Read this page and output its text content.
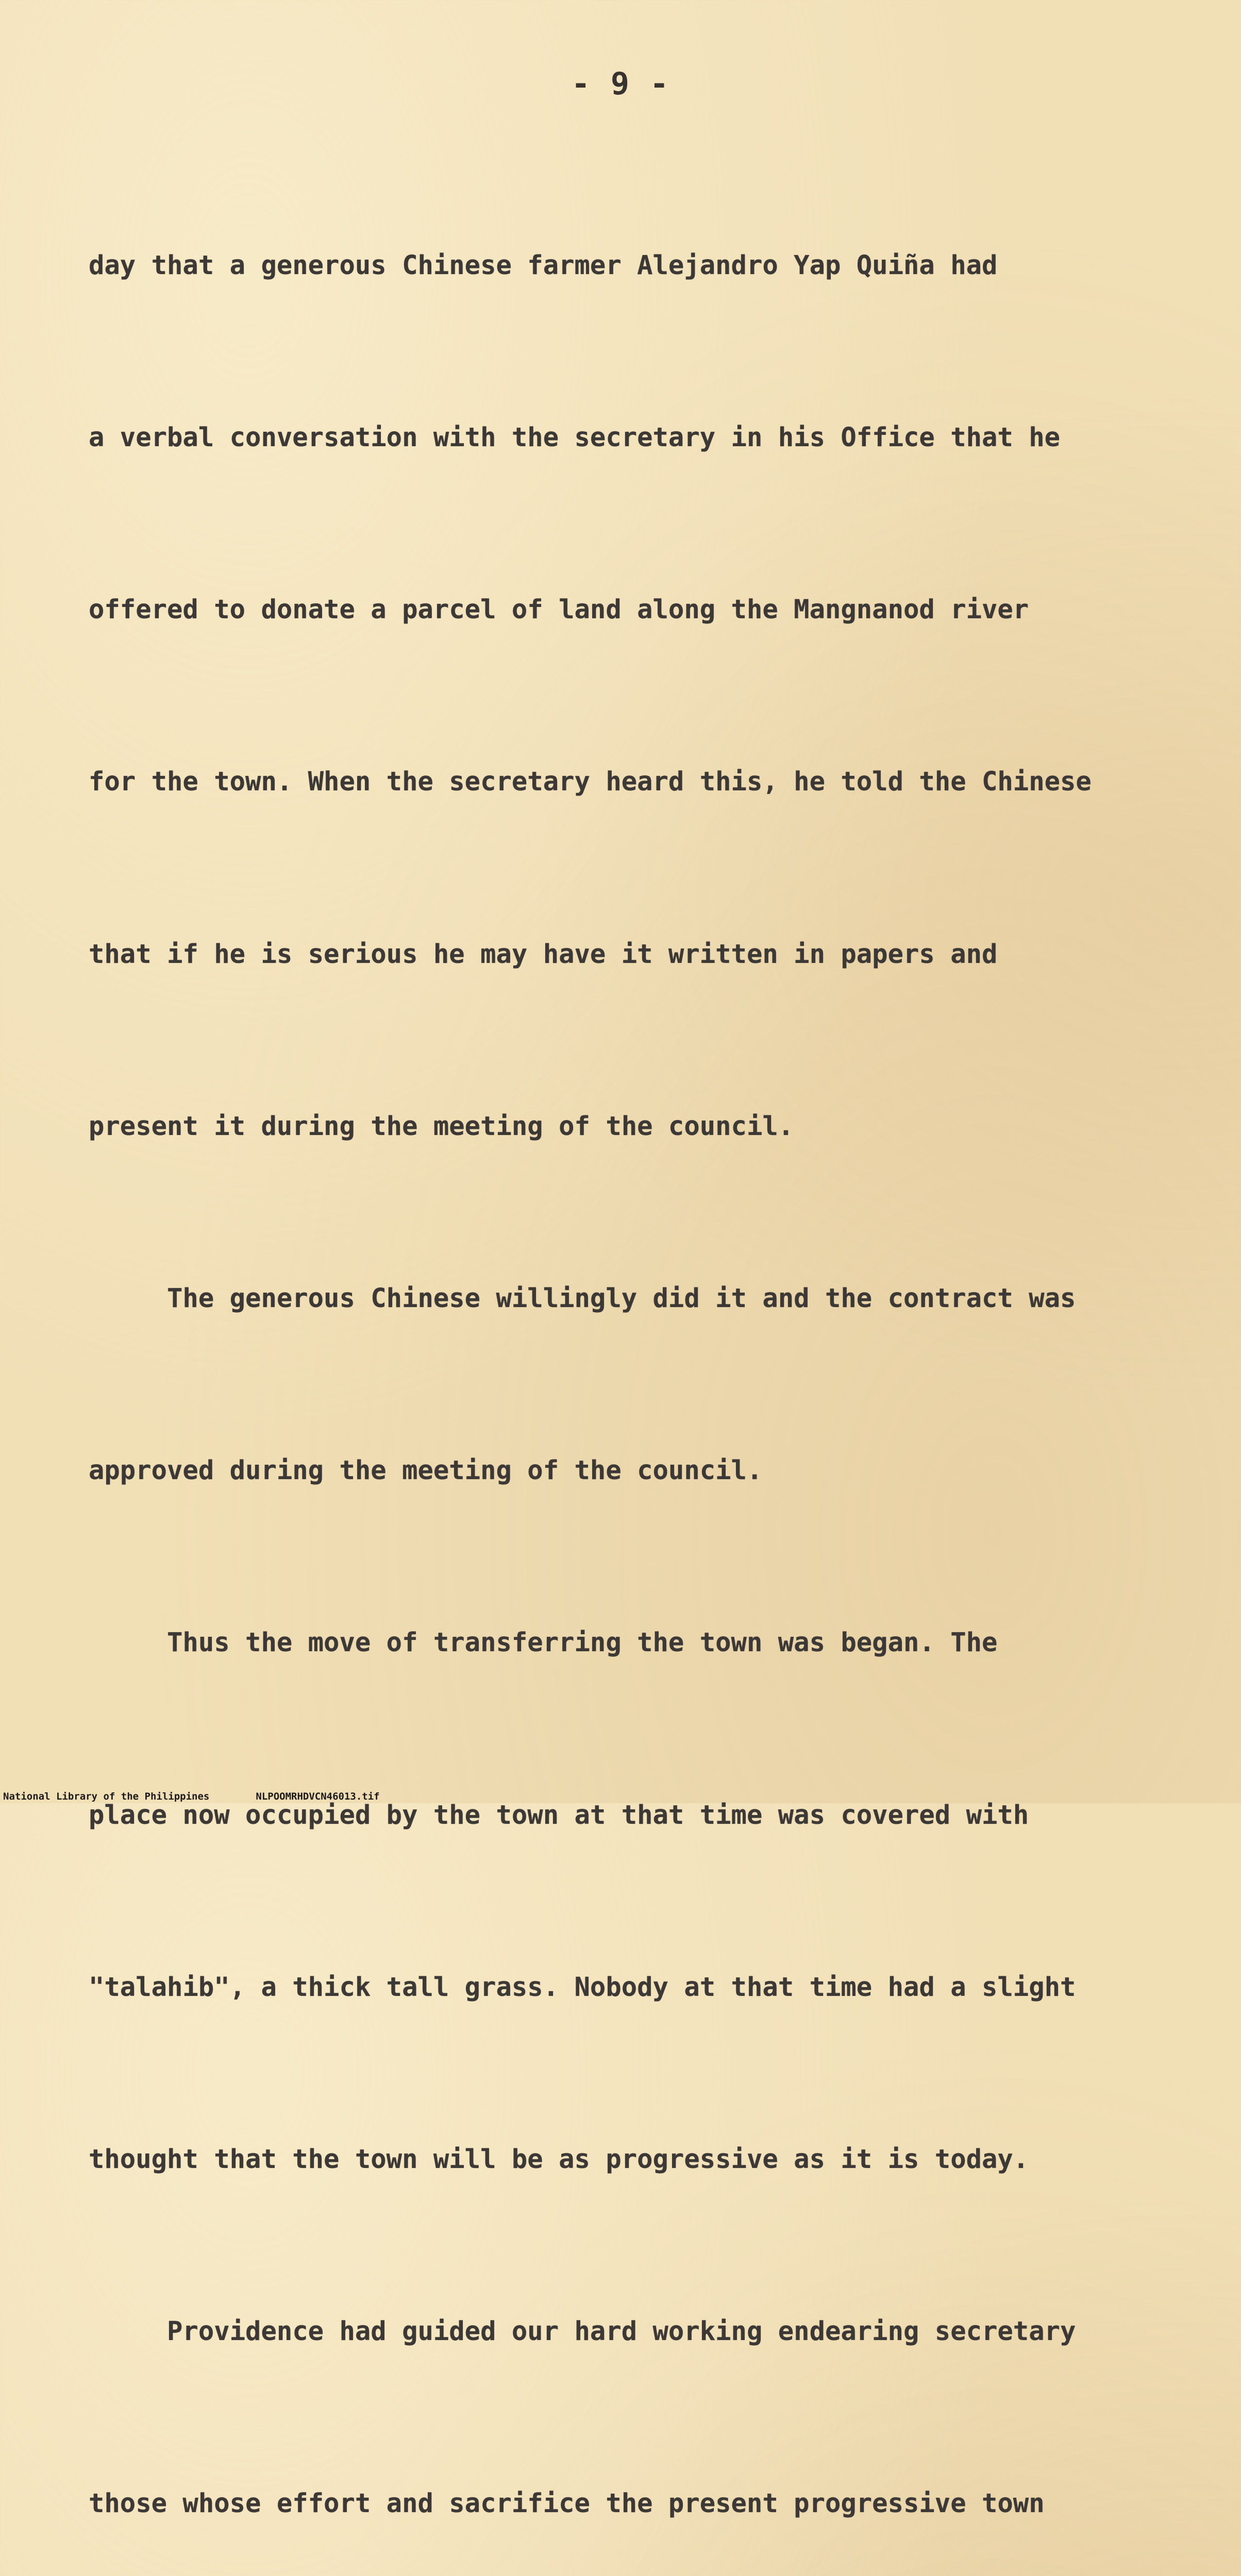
- 9 -

day that a generous Chinese farmer Alejandro Yap Quiña had

a verbal conversation with the secretary in his Office that he

offered to donate a parcel of land along the Mangnanod river

for the town. When the secretary heard this, he told the Chinese

that if he is serious he may have it written in papers and

present it during the meeting of the council.

The generous Chinese willingly did it and the contract was

approved during the meeting of the council.

Thus the move of transferring the town was began. The

place now occupied by the town at that time was covered with

"talahib", a thick tall grass. Nobody at that time had a slight

thought that the town will be as progressive as it is today.

Providence had guided our hard working endearing secretary

those whose effort and sacrifice the present progressive town

National Library of the Philippines	NLPOOMRHDVCN46013.tif
